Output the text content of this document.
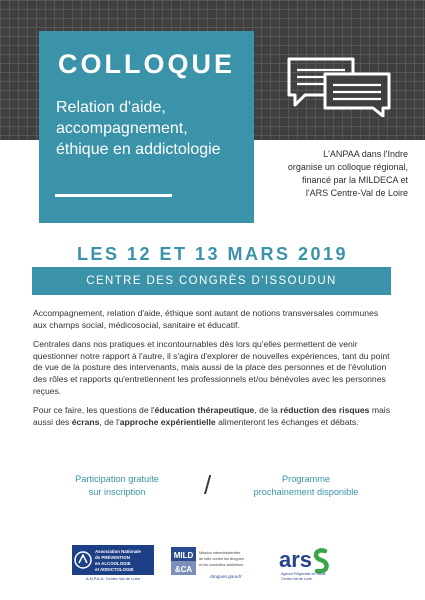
COLLOQUE
Relation d'aide,
accompagnement,
éthique en addictologie	L'ANPAA dans l'Indre
organise un colloque régional,
financé par la MILDECA et
l'ARS Centre-Val de Loire
LES 12 ET 13 MARS 2019
CENTRE DES CONGRÈS D'ISSOUDUN

Accompagnement, relation d'aide, éthique sont autant de notions transversales communes aux champs social, médicosocial, sanitaire et éducatif.

Centrales dans nos pratiques et incontournables dès lors qu'elles permettent de venir questionner notre rapport à l'autre, il s'agira d'explorer de nouvelles expériences, tant du point de vue de la posture des intervenants, mais aussi de la place des personnes et de l'évolution des rôles et rapports qu'entretiennent les professionnels et/ou bénévoles avec les personnes reçues.

Pour ce faire, les questions de l'éducation thérapeutique, de la réduction des risques mais aussi des écrans, de l'approche expérientielle alimenteront les échanges et débats.

Participation gratuite
sur inscription	/	Programme
prochainement disponible
Association Nationale
de PRÉVENTION
en ALCOOLOGIE
et ADDICTOLOGIE
A.N.P.A.A. Centre-Val de Loire
MILD
&CA
Mission interministérielle
de lutte contre les drogues
et les conduites addictives
drogues.gouv.fr
ars
Agence Régionale de Santé
Centre-Val de Loire
